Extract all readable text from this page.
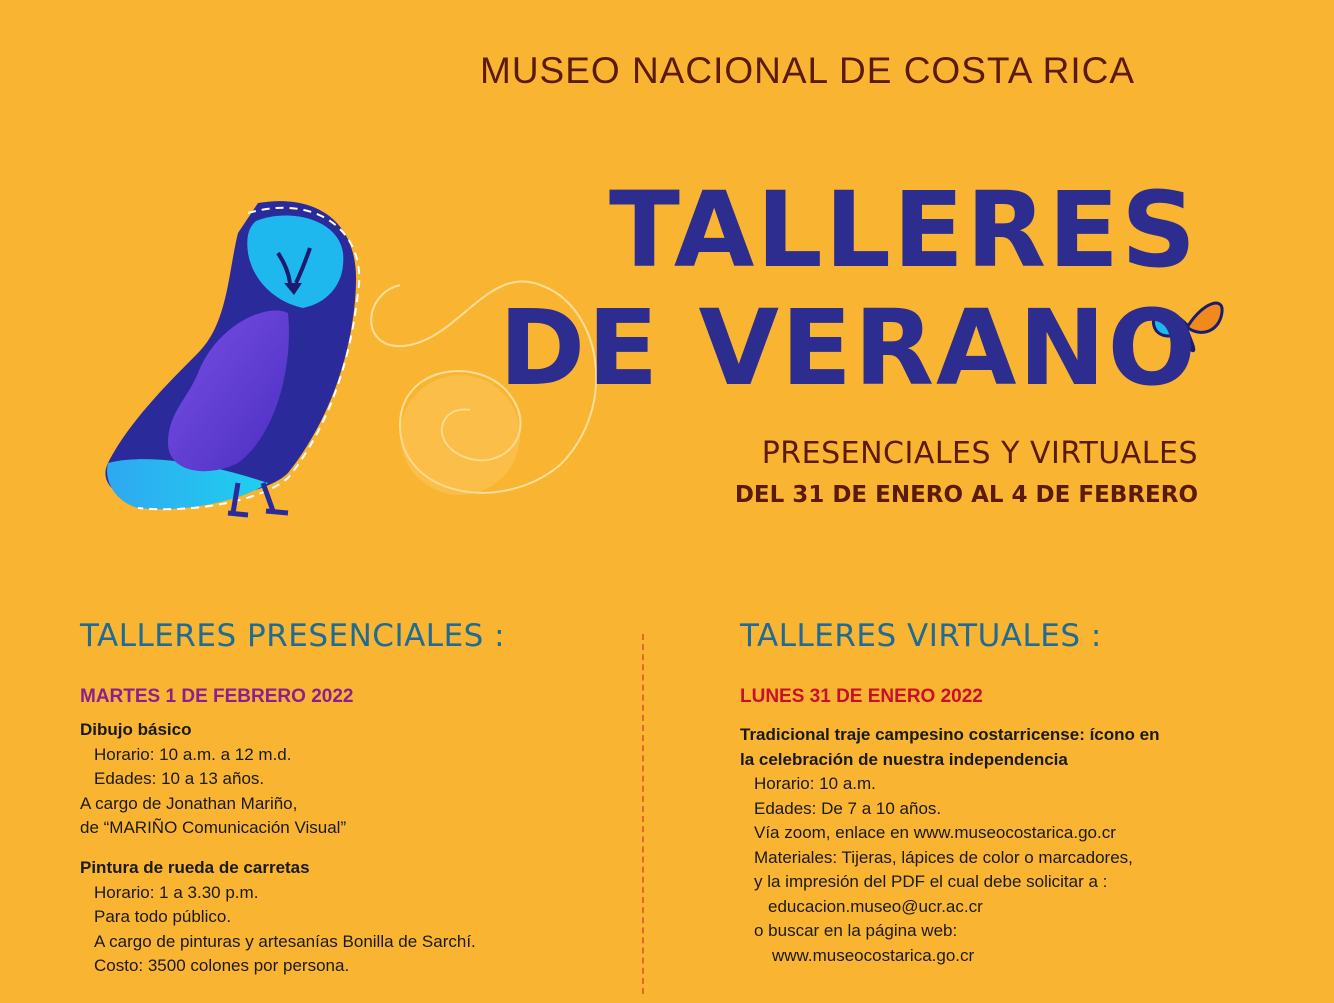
MUSEO NACIONAL DE COSTA RICA
TALLERES
DE VERANO
PRESENCIALES Y VIRTUALES
DEL 31 DE ENERO AL 4 DE FEBRERO
TALLERES PRESENCIALES :	TALLERES VIRTUALES :
MARTES 1 DE FEBRERO 2022	LUNES 31 DE ENERO 2022
Dibujo básico
Horario: 10 a.m. a 12 m.d.
Edades: 10 a 13 años.
A cargo de Jonathan Mariño,
de “MARIÑO Comunicación Visual”
Pintura de rueda de carretas
Horario: 1 a 3.30 p.m.
Para todo público.
A cargo de pinturas y artesanías Bonilla de Sarchí.
Costo: 3500 colones por persona.
Tradicional traje campesino costarricense: ícono en
la celebración de nuestra independencia
Horario: 10 a.m.
Edades: De 7 a 10 años.
Vía zoom, enlace en www.museocostarica.go.cr
Materiales: Tijeras, lápices de color o marcadores,
y la impresión del PDF el cual debe solicitar a :
educacion.museo@ucr.ac.cr
o buscar en la página web:
www.museocostarica.go.cr
